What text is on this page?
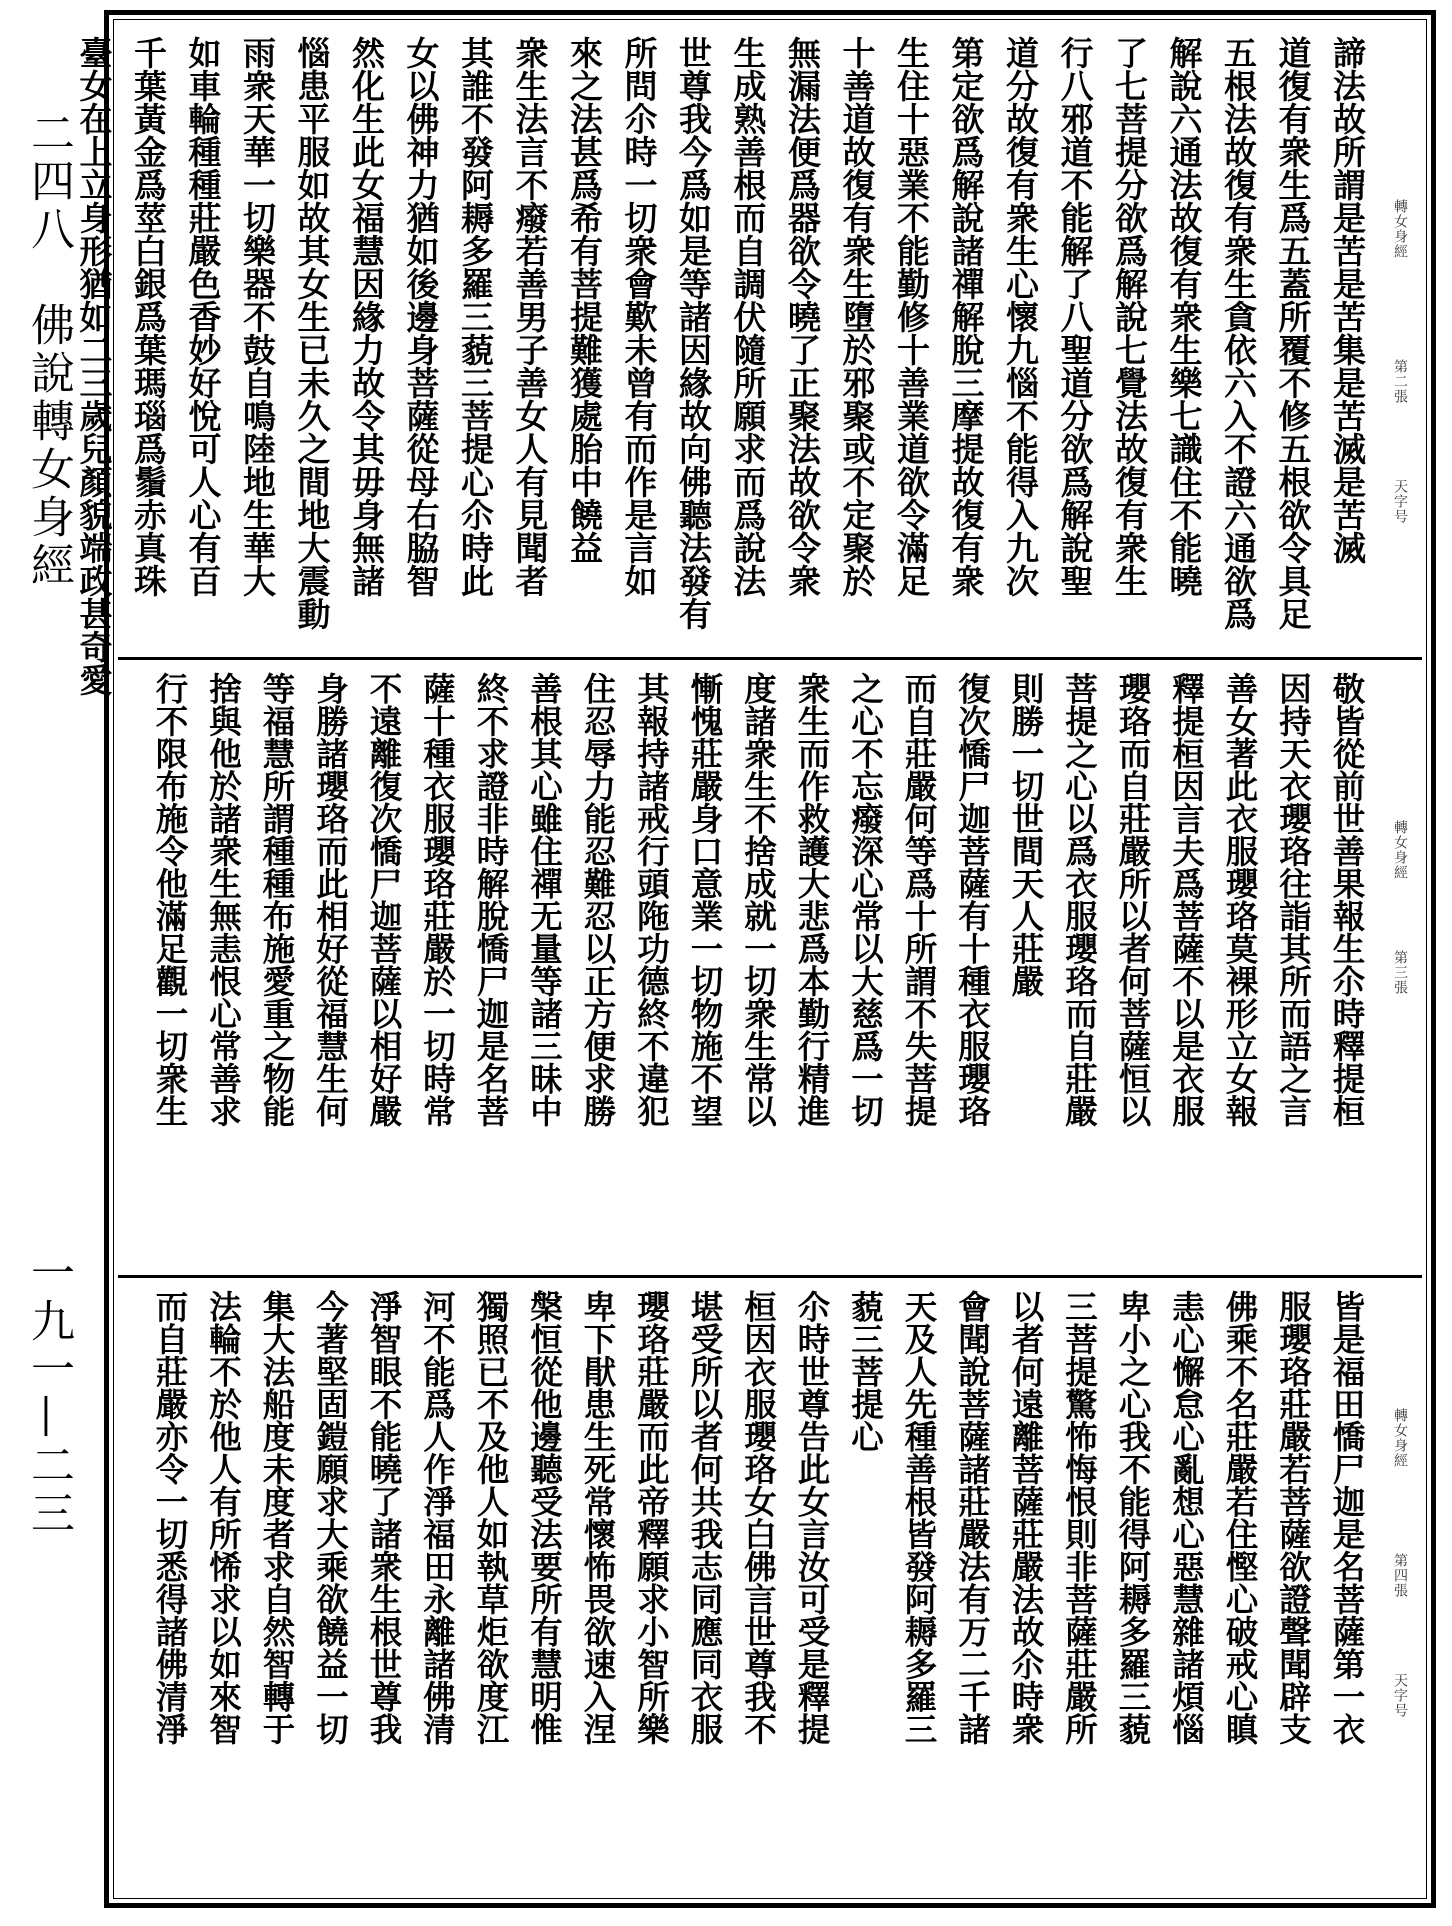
二四八　佛說轉女身經
一九一—二三
轉女身經
第二張
天字号
諦法故所謂是苦是苦集是苦滅是苦滅
道復有衆生爲五蓋所覆不修五根欲令具足
五根法故復有衆生貪依六入不證六通欲爲
解說六通法故復有衆生樂七識住不能曉
了七菩提分欲爲解說七覺法故復有衆生
行八邪道不能解了八聖道分欲爲解說聖
道分故復有衆生心懷九惱不能得入九次
第定欲爲解說諸禪解脫三摩提故復有衆
生住十惡業不能勤修十善業道欲令滿足
十善道故復有衆生墮於邪聚或不定聚於
無漏法便爲器欲令曉了正聚法故欲令衆
生成熟善根而自調伏隨所願求而爲說法
世尊我今爲如是等諸因緣故向佛聽法發有
所問尒時一切衆會歎未曾有而作是言如
來之法甚爲希有菩提難獲處胎中饒益
衆生法言不癈若善男子善女人有見聞者
其誰不發阿耨多羅三藐三菩提心尒時此
女以佛神力猶如後邊身菩薩從母右脇智
然化生此女福慧因緣力故令其毋身無諸
惱患平服如故其女生已未久之間地大震動
雨衆天華一切樂器不鼓自鳴陸地生華大
如車輪種種莊嚴色香妙好悅可人心有百
千葉黃金爲莖白銀爲葉瑪瑙爲鬚赤真珠
臺女在上立身形猶如二三歲兒顏貌端政甚奇愛
轉女身經
第三張
敬皆從前世善果報生尒時釋提桓
因持天衣瓔珞往詣其所而語之言
善女著此衣服瓔珞莫裸形立女報
釋提桓因言夫爲菩薩不以是衣服
瓔珞而自莊嚴所以者何菩薩恒以
菩提之心以爲衣服瓔珞而自莊嚴
則勝一切世間天人莊嚴
復次憍尸迦菩薩有十種衣服瓔珞
而自莊嚴何等爲十所謂不失菩提
之心不忘癈深心常以大慈爲一切
衆生而作救護大悲爲本勤行精進
度諸衆生不捨成就一切衆生常以
慚愧莊嚴身口意業一切物施不望
其報持諸戒行頭陁功德終不違犯
住忍辱力能忍難忍以正方便求勝
善根其心雖住禪无量等諸三昧中
終不求證非時解脫憍尸迦是名菩
薩十種衣服瓔珞莊嚴於一切時常
不遠離復次憍尸迦菩薩以相好嚴
身勝諸瓔珞而此相好從福慧生何
等福慧所謂種種布施愛重之物能
捨與他於諸衆生無恚恨心常善求
行不限布施令他滿足觀一切衆生
轉女身經
第四張
天字号
皆是福田憍尸迦是名菩薩第一衣
服瓔珞莊嚴若菩薩欲證聲聞辟支
佛乘不名莊嚴若住慳心破戒心瞋
恚心懈怠心亂想心惡慧雜諸煩惱
卑小之心我不能得阿耨多羅三藐
三菩提驚怖悔恨則非菩薩莊嚴所
以者何遠離菩薩莊嚴法故尒時衆
會聞說菩薩諸莊嚴法有万二千諸
天及人先種善根皆發阿耨多羅三
藐三菩提心
尒時世尊告此女言汝可受是釋提
桓因衣服瓔珞女白佛言世尊我不
堪受所以者何共我志同應同衣服
瓔珞莊嚴而此帝釋願求小智所樂
卑下猒患生死常懷怖畏欲速入涅
槃恒從他邊聽受法要所有慧明惟
獨照已不及他人如執草炬欲度江
河不能爲人作淨福田永離諸佛清
淨智眼不能曉了諸衆生根世尊我
今著堅固鎧願求大乘欲饒益一切
集大法船度未度者求自然智轉于
法輪不於他人有所悕求以如來智
而自莊嚴亦令一切悉得諸佛清淨
